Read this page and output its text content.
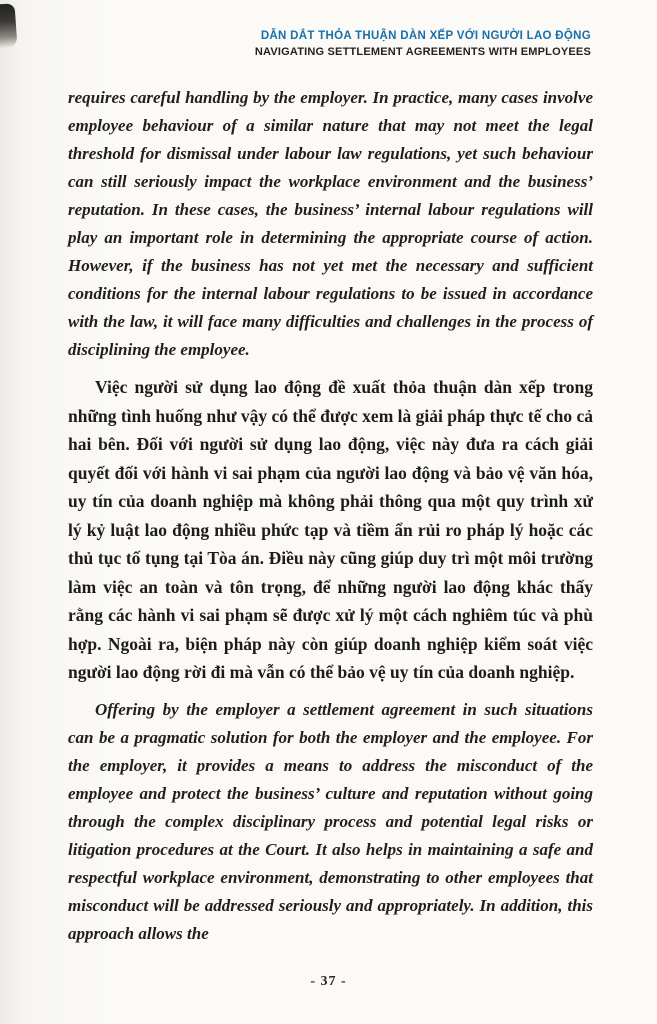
DẪN DẮT THỎA THUẬN DÀN XẾP VỚI NGƯỜI LAO ĐỘNG
NAVIGATING SETTLEMENT AGREEMENTS WITH EMPLOYEES

requires careful handling by the employer. In practice, many cases involve employee behaviour of a similar nature that may not meet the legal threshold for dismissal under labour law regulations, yet such behaviour can still seriously impact the workplace environment and the business’ reputation. In these cases, the business’ internal labour regulations will play an important role in determining the appropriate course of action. However, if the business has not yet met the necessary and sufficient conditions for the internal labour regulations to be issued in accordance with the law, it will face many difficulties and challenges in the process of disciplining the employee.

Việc người sử dụng lao động đề xuất thỏa thuận dàn xếp trong những tình huống như vậy có thể được xem là giải pháp thực tế cho cả hai bên. Đối với người sử dụng lao động, việc này đưa ra cách giải quyết đối với hành vi sai phạm của người lao động và bảo vệ văn hóa, uy tín của doanh nghiệp mà không phải thông qua một quy trình xử lý kỷ luật lao động nhiều phức tạp và tiềm ẩn rủi ro pháp lý hoặc các thủ tục tố tụng tại Tòa án. Điều này cũng giúp duy trì một môi trường làm việc an toàn và tôn trọng, để những người lao động khác thấy rằng các hành vi sai phạm sẽ được xử lý một cách nghiêm túc và phù hợp. Ngoài ra, biện pháp này còn giúp doanh nghiệp kiểm soát việc người lao động rời đi mà vẫn có thể bảo vệ uy tín của doanh nghiệp.

Offering by the employer a settlement agreement in such situations can be a pragmatic solution for both the employer and the employee. For the employer, it provides a means to address the misconduct of the employee and protect the business’ culture and reputation without going through the complex disciplinary process and potential legal risks or litigation procedures at the Court. It also helps in maintaining a safe and respectful workplace environment, demonstrating to other employees that misconduct will be addressed seriously and appropriately. In addition, this approach allows the

- 37 -
